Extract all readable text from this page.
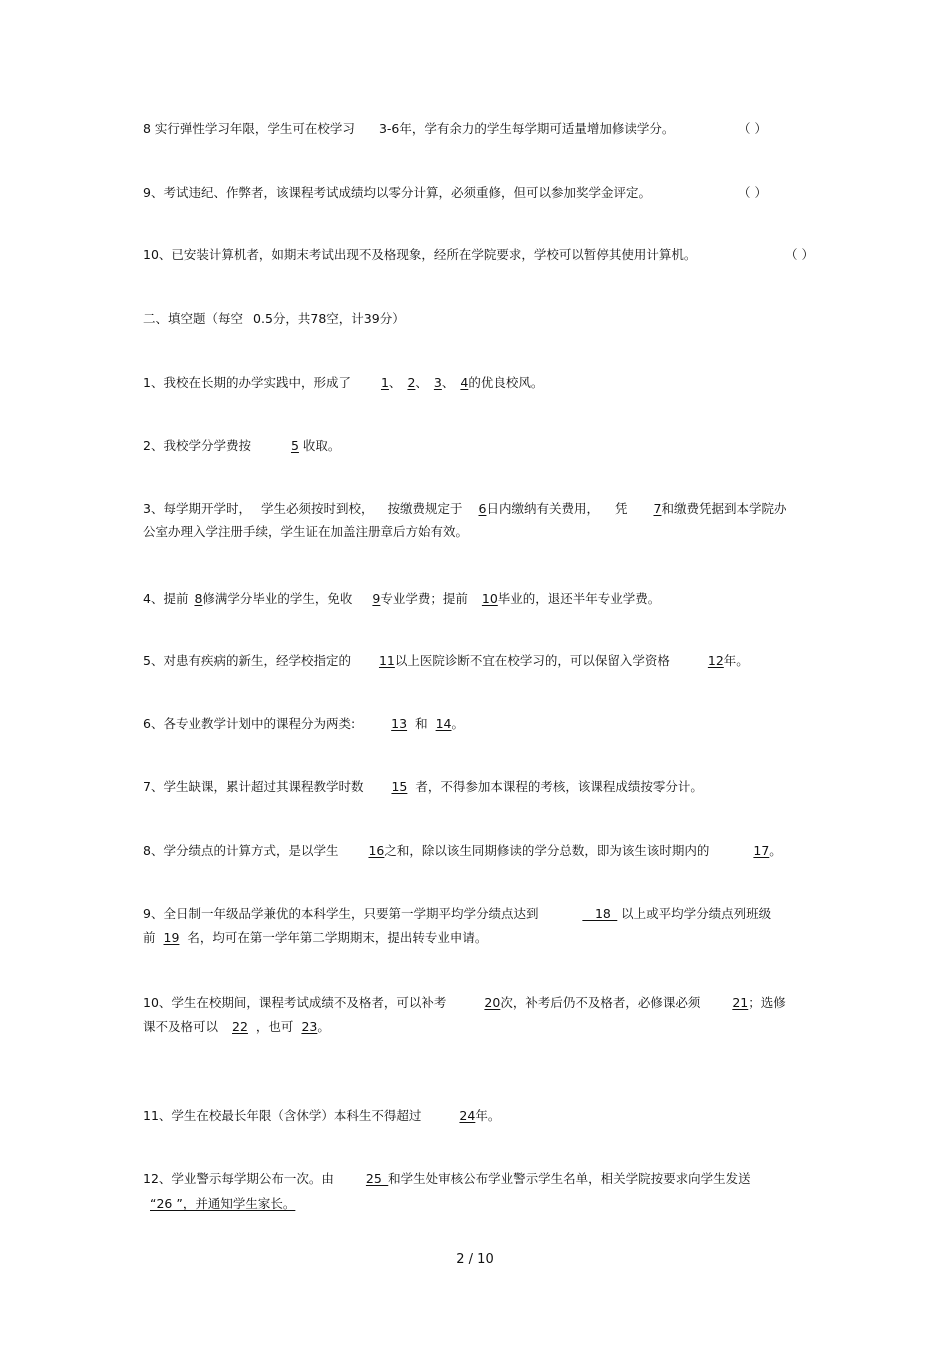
8 实行弹性学习年限，学生可在校学习 3-6年，学有余力的学生每学期可适量增加修读学分。	（ ）
9、考试违纪、作弊者，该课程考试成绩均以零分计算，必须重修，但可以参加奖学金评定。	（ ）
10、已安装计算机者，如期末考试出现不及格现象，经所在学院要求，学校可以暂停其使用计算机。	（ ）
二、填空题（每空 0.5分，共78空，计39分）
1、我校在长期的办学实践中，形成了 1、 2、 3、 4的优良校风。
2、我校学分学费按	5 收取。
3、每学期开学时， 学生必须按时到校， 按缴费规定于 6日内缴纳有关费用， 凭 7和缴费凭据到本学院办
公室办理入学注册手续，学生证在加盖注册章后方始有效。
4、提前 8修满学分毕业的学生，免收 9专业学费；提前 10毕业的，退还半年专业学费。
5、对患有疾病的新生，经学校指定的 11以上医院诊断不宜在校学习的，可以保留入学资格	12年。
6、各专业教学计划中的课程分为两类:	13 和 14。
7、学生缺课，累计超过其课程教学时数 15 者，不得参加本课程的考核，该课程成绩按零分计。
8、学分绩点的计算方式，是以学生 16之和，除以该生同期修读的学分总数，即为该生该时期内的	17。
9、全日制一年级品学兼优的本科学生，只要第一学期平均学分绩点达到	__18_ 以上或平均学分绩点列班级
前 19 名，均可在第一学年第二学期期末，提出转专业申请。
10、学生在校期间，课程考试成绩不及格者，可以补考	20次，补考后仍不及格者，必修课必须	21；选修
课不及格可以 22 ，也可 23。
11、学生在校最长年限（含休学）本科生不得超过	24年。
12、学业警示每学期公布一次。由	25_和学生处审核公布学业警示学生名单，相关学院按要求向学生发送
“26 ”，并通知学生家长。
2 / 10
